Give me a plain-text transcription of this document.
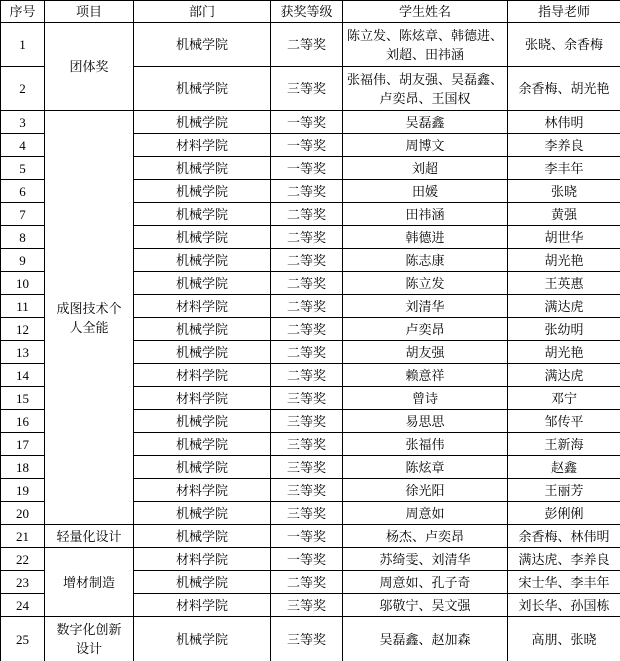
序号	项目	部门	获奖等级	学生姓名	指导老师
1	团体奖	机械学院	二等奖	陈立发、陈炫章、韩德进、刘超、田祎涵	张晓、余香梅
2		机械学院	三等奖	张福伟、胡友强、吴磊鑫、卢奕昂、王国权	余香梅、胡光艳
3	成图技术个人全能	机械学院	一等奖	吴磊鑫	林伟明
4		材料学院	一等奖	周博文	李养良
5		机械学院	一等奖	刘超	李丰年
6		机械学院	二等奖	田媛	张晓
7		机械学院	二等奖	田祎涵	黄强
8		机械学院	二等奖	韩德进	胡世华
9		机械学院	二等奖	陈志康	胡光艳
10		机械学院	二等奖	陈立发	王英惠
11		材料学院	二等奖	刘清华	满达虎
12		机械学院	二等奖	卢奕昂	张幼明
13		机械学院	二等奖	胡友强	胡光艳
14		材料学院	二等奖	赖意祥	满达虎
15		材料学院	三等奖	曾诗	邓宁
16		机械学院	三等奖	易思思	邹传平
17		机械学院	三等奖	张福伟	王新海
18		机械学院	三等奖	陈炫章	赵鑫
19		材料学院	三等奖	徐光阳	王丽芳
20		机械学院	三等奖	周意如	彭俐俐
21	轻量化设计	机械学院	一等奖	杨杰、卢奕昂	余香梅、林伟明
22	增材制造	材料学院	一等奖	苏绮雯、刘清华	满达虎、李养良
23		机械学院	二等奖	周意如、孔子奇	宋士华、李丰年
24		材料学院	三等奖	邬敬宁、吴文强	刘长华、孙国栋
25	数字化创新设计	机械学院	三等奖	吴磊鑫、赵加森	高朋、张晓
